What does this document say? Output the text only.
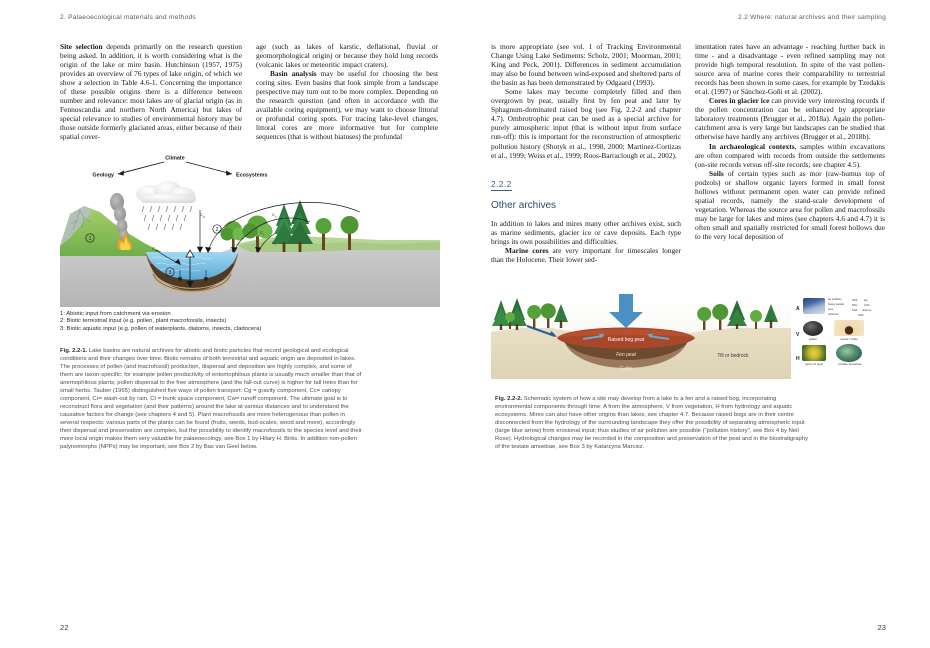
2. Palaeoecological materials and methods

Site selection depends primarily on the research question being asked. In addition, it is worth considering what is the origin of the lake or mire basin. Hutchinson (1957, 1975) provides an overview of 76 types of lake origin, of which we show a selection in Table 4.6-1. Concerning the importance of these possible origins there is a difference between number and relevance: most lakes are of glacial origin (as in Fennoscandia and northern North America) but lakes of special relevance to studies of environmental history may be those outside formerly glaciated areas, either because of their spatial cover-

age (such as lakes of karstic, deflational, fluvial or geomorphological origin) or because they hold long records (volcanic lakes or meteoritic impact craters).

Basin analysis may be useful for choosing the best coring sites. Even basins that look simple from a landscape perspective may turn out to be more complex. Depending on the research question (and often in accordance with the available coring equipment), we may want to choose littoral or profundal coring spots. For tracing lake-level changes, littoral cores are more informative but for complete sequences (that is without hiatuses) the profundal

Climate
Geology	Ecosystems
1
2
3
C g	C c
C r
C t
C w
1: Abiotic input from catchment via erosion
2: Biotic terrestrial input (e.g. pollen, plant macrofossils, insects)
3: Biotic aquatic input (e.g. pollen of waterplants, diatoms, insects, cladocera)
Fig. 2.2-1. Lake basins are natural archives for abiotic and biotic particles that record geological and ecological conditions and their changes over time. Biotic remains of both terrestrial and aquatic origin are deposited in lakes. The processes of pollen (and macrofossil) production, dispersal and deposition are highly complex, and some of them are taxon-specific: for example pollen productivity of entomophilous plants is usually much smaller than that of anemophilous plants; pollen dispersal to the free atmosphere (and the fall-out curve) is higher for tall trees than for small herbs. Tauber (1965) distinguished five ways of pollen transport: Cg = gravity component, Cc= canopy component, Cr= wash-out by rain, Ct = trunk space component, Cw= runoff component. The ultimate goal is to reconstruct flora and vegetation (and their patterns) around the lake at various distances and to understand the causative factors for change (see chapters 4 and 5). Plant macrofossils are more heterogenous than pollen in several respects: various parts of the plants can be found (fruits, seeds, bud-scales, wood and more), accordingly their dispersal and preservation are complex, but the possibility to identify macrofossils to the species level and their more local origin makes them very valuable for palaeoecology, see Box 1 by Hilary H. Birks. In addition non-pollen palynomorphs (NPPs) may be important, see Box 2 by Bas van Geel below.
22
2.2 Where: natural archives and their sampling

is more appropriate (see vol. 1 of Tracking Environmental Change Using Lake Sediments: Scholz, 2001; Moorman, 2001; King and Peck, 2001). Differences in sediment accumulation may also be found between wind-exposed and sheltered parts of the basin as has been demonstrated by Odgaard (1993).

Some lakes may become completely filled and then overgrown by peat, usually first by fen peat and later by Sphagnum-dominated raised bog (see Fig. 2.2-2 and chapter 4.7). Ombrotrophic peat can be used as a special archive for purely atmospheric input (that is without input from surface run-off): this is important for the reconstruction of atmospheric pollution history (Shotyk et al., 1998, 2000; Martinez-Cortizas et al., 1999; Weiss et al., 1999; Roos-Barraclough et al., 2002).

2.2.2
Other archives

In addition to lakes and mires many other archives exist, such as marine sediments, glacier ice or cave deposits. Each type brings its own possibilities and difficulties.

Marine cores are very important for timescales longer than the Holocene. Their lower sed-

imentation rates have an advantage - reaching further back in time - and a disadvantage - even refined sampling may not provide high temporal resolution. In spite of the vast pollen-source area of marine cores their comparability to terrestrial records has been shown in some cases, for example by Tzedakis et al. (1997) or Sánchez-Goñi et al. (2002).

Cores in glacier ice can provide very interesting records if the pollen concentration can be enhanced by appropriate laboratory treatments (Brugger et al., 2018a). Again the pollen-catchment area is very large but landscapes can be studied that otherwise have hardly any archives (Brugger et al., 2018b).

In archaeological contexts, samples within excavations are often compared with records from outside the settlements (on-site records versus off-site records; see chapter 4.5).

Soils of certain types such as mor (raw-humus top of podzols) or shallow organic layers formed in small forest hollows without permanent open water can provide refined spatial records, namely the stand-scale development of vegetation. Whereas the source area for pollen and macrofossils may be large for lakes and mires (see chapters 4.6 and 4.7) it is often small and spatially restricted for small forest hollows due to the very local deposition of

Raised bog peat
Fen peat
Gyttja
Till or bedrock
A
V
H
air pollution
heavy metals
soot
nutrients
SO2
NOx
CH4
Hg
CO2
nitric ox.
NH3
pollen	seeds / fruits
types of peat	testate amoebae
Fig. 2.2-2. Schematic system of how a site may develop from a lake to a fen and a raised bog, incorporating environmental components through time: A from the atmosphere, V from vegetation, H from hydrology and aquatic ecosystems. Mires can also have other origins than lakes, see chapter 4.7. Because raised bogs are in their centre disconnected from the hydrology of the surrounding landscape they offer the possibility of separating atmospheric input (large blue arrow) from erosional input; thus studies of air pollution are possible ("pollution history", see Box 4 by Neil Rose). Hydrological changes may be recorded in the composition and preservation of the peat and in the biostratigraphy of the testate amoebae, see Box 3 by Katarzyna Marcisz.
23
